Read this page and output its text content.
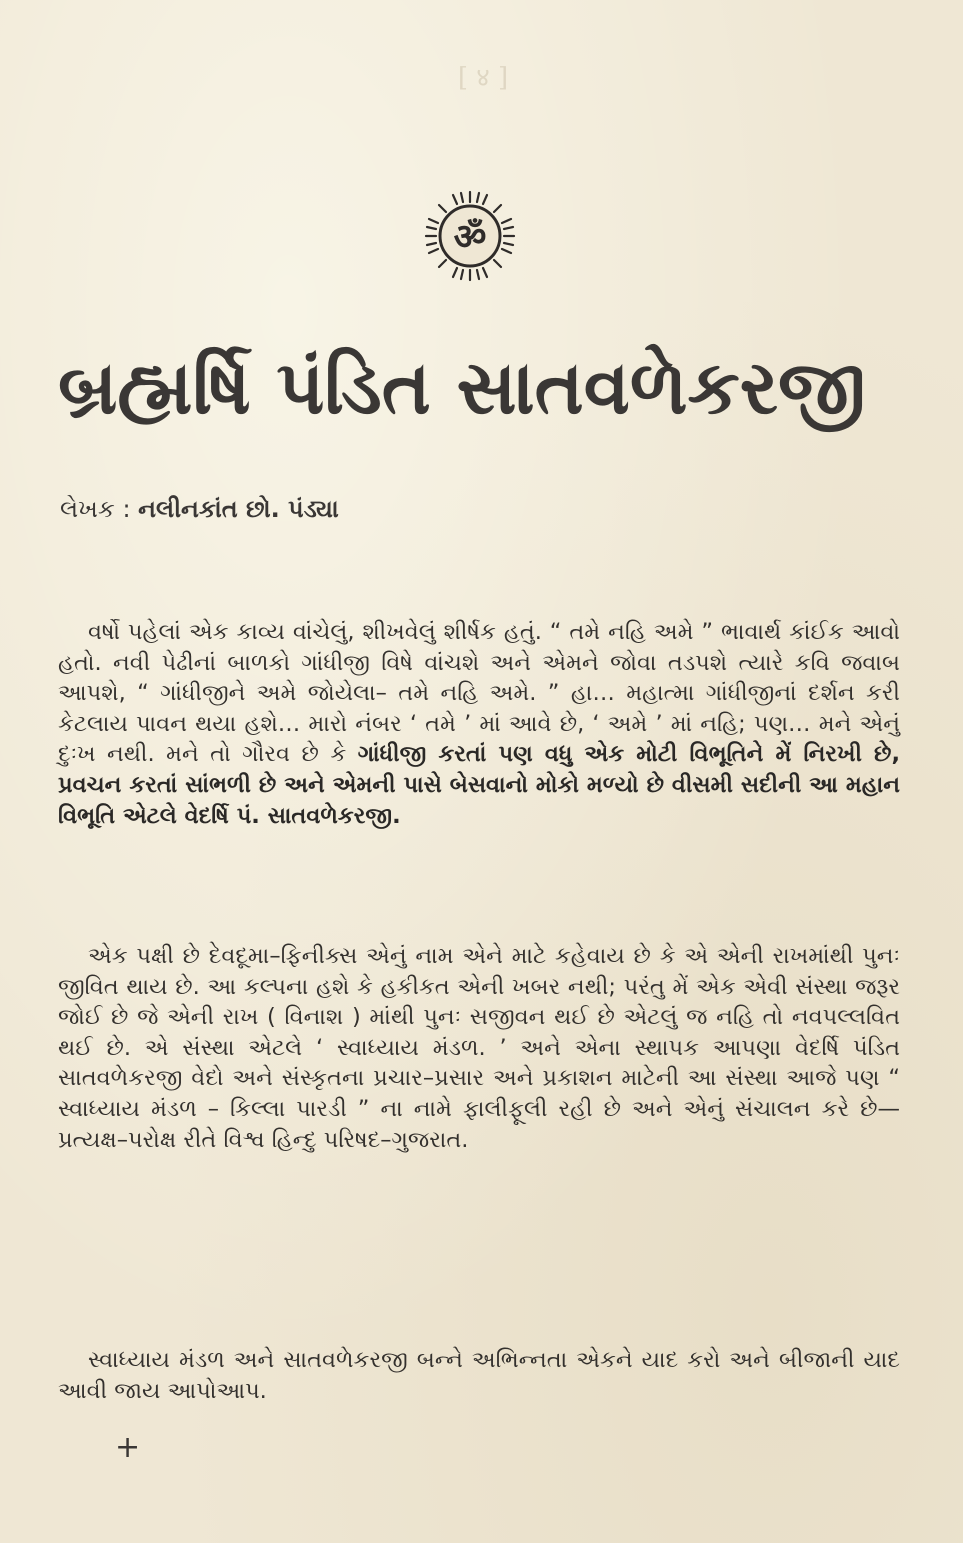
[ ४ ]
ॐ
બ્રહ્મર્ષિ પંડિત સાતવળેકરજી
લેખક : નલીનકાંત છો. પંડ્યા
વર્ષો પહેલાં એક કાવ્ય વાંચેલું, શીખવેલું શીર્ષક હતું. “ તમે નહિ અમે ” ભાવાર્થ કાંઈક આવો હતો. નવી પેઢીનાં બાળકો ગાંધીજી વિષે વાંચશે અને એમને જોવા તડપશે ત્યારે કવિ જવાબ આપશે, “ ગાંધીજીને અમે જોયેલા– તમે નહિ અમે. ” હા… મહાત્મા ગાંધીજીનાં દર્શન કરી કેટલાય પાવન થયા હશે… મારો નંબર ‘ તમે ’ માં આવે છે, ‘ અમે ’ માં નહિ; પણ… મને એનું દુઃખ નથી. મને તો ગૌરવ છે કે ગાંધીજી કરતાં પણ વધુ એક મોટી વિભૂતિને મેં નિરખી છે, પ્રવચન કરતાં સાંભળી છે અને એમની પાસે બેસવાનો મોકો મળ્યો છે વીસમી સદીની આ મહાન વિભૂતિ એટલે વેદર્ષિ પં. સાતવળેકરજી.
એક પક્ષી છે દેવદૂમા–ફિનીક્સ એનું નામ એને માટે કહેવાય છે કે એ એની રાખમાંથી પુનઃ જીવિત થાય છે. આ કલ્પના હશે કે હકીકત એની ખબર નથી; પરંતુ મેં એક એવી સંસ્થા જરૂર જોઈ છે જે એની રાખ ( વિનાશ ) માંથી પુનઃ સજીવન થઈ છે એટલું જ નહિ તો નવપલ્લવિત થઈ છે. એ સંસ્થા એટલે ‘ સ્વાધ્યાય મંડળ. ’ અને એના સ્થાપક આપણા વેદર્ષિ પંડિત સાતવળેકરજી વેદો અને સંસ્કૃતના પ્રચાર–પ્રસાર અને પ્રકાશન માટેની આ સંસ્થા આજે પણ “ સ્વાધ્યાય મંડળ – કિલ્લા પારડી ” ના નામે ફાલીફૂલી રહી છે અને એનું સંચાલન કરે છે— પ્રત્યક્ષ–પરોક્ષ રીતે વિશ્વ હિન્દુ પરિષદ–ગુજરાત.
સ્વાધ્યાય મંડળ અને સાતવળેકરજી બન્ને અભિન્નતા એકને યાદ કરો અને બીજાની યાદ આવી જાય આપોઆપ.
+
